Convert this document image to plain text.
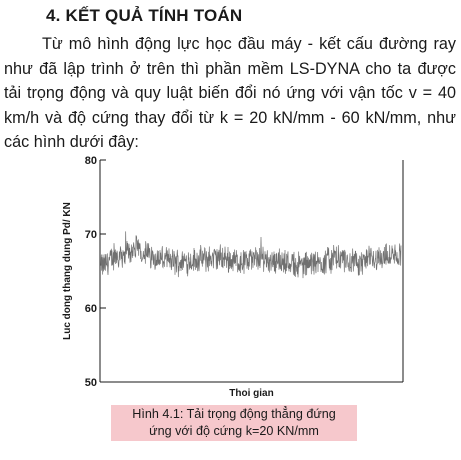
4. KẾT QUẢ TÍNH TOÁN

Từ mô hình động lực học đầu máy - kết cấu đường ray như đã lập trình ở trên thì phần mềm LS-DYNA cho ta được tải trọng động và quy luật biến đổi nó ứng với vận tốc v = 40 km/h và độ cứng thay đổi từ k = 20 kN/mm - 60 kN/mm, như các hình dưới đây:

50
60
70
80
Luc dong thang dung Pd/ KN
Thoi gian
Hình 4.1: Tải trọng động thẳng đứng
ứng với độ cứng k=20 KN/mm
